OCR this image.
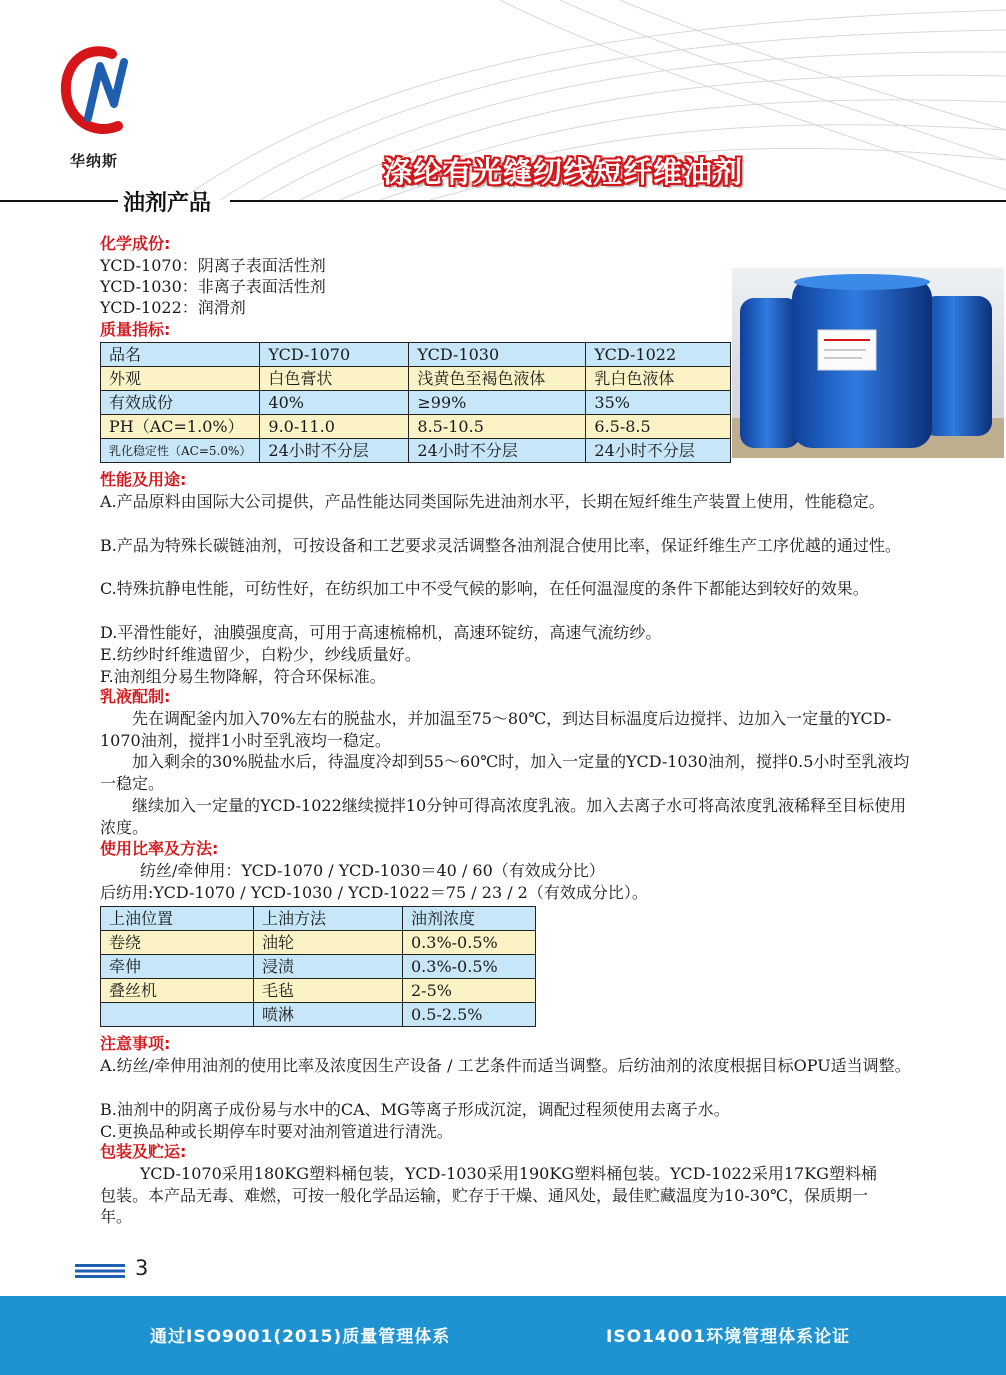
华纳斯	涤纶有光缝纫线短纤维油剂
油剂产品
化学成份:
YCD-1070：阴离子表面活性剂
YCD-1030：非离子表面活性剂
YCD-1022：润滑剂
质量指标:
品名	YCD-1070	YCD-1030	YCD-1022
外观	白色膏状	浅黄色至褐色液体	乳白色液体
有效成份	40%	≥99%	35%
PH（AC=1.0%）	9.0-11.0	8.5-10.5	6.5-8.5
乳化稳定性（AC=5.0%）	24小时不分层	24小时不分层	24小时不分层
性能及用途:
A.产品原料由国际大公司提供，产品性能达同类国际先进油剂水平，长期在短纤维生产装置上使用，性能稳定。
B.产品为特殊长碳链油剂，可按设备和工艺要求灵活调整各油剂混合使用比率，保证纤维生产工序优越的通过性。
C.特殊抗静电性能，可纺性好，在纺织加工中不受气候的影响，在任何温湿度的条件下都能达到较好的效果。
D.平滑性能好，油膜强度高，可用于高速梳棉机，高速环锭纺，高速气流纺纱。
E.纺纱时纤维遗留少，白粉少，纱线质量好。
F.油剂组分易生物降解，符合环保标准。
乳液配制:
先在调配釜内加入70%左右的脱盐水，并加温至75～80℃，到达目标温度后边搅拌、边加入一定量的YCD-1070油剂，搅拌1小时至乳液均一稳定。
加入剩余的30%脱盐水后，待温度冷却到55～60℃时，加入一定量的YCD-1030油剂，搅拌0.5小时至乳液均一稳定。
继续加入一定量的YCD-1022继续搅拌10分钟可得高浓度乳液。加入去离子水可将高浓度乳液稀释至目标使用浓度。
使用比率及方法:
纺丝/牵伸用：YCD-1070 / YCD-1030＝40 / 60（有效成分比）
后纺用:YCD-1070 / YCD-1030 / YCD-1022＝75 / 23 / 2（有效成分比）。
上油位置	上油方法	油剂浓度
卷绕	油轮	0.3%-0.5%
牵伸	浸渍	0.3%-0.5%
叠丝机	毛毡	2-5%
	喷淋	0.5-2.5%
注意事项:
A.纺丝/牵伸用油剂的使用比率及浓度因生产设备 / 工艺条件而适当调整。后纺油剂的浓度根据目标OPU适当调整。
B.油剂中的阴离子成份易与水中的CA、MG等离子形成沉淀，调配过程须使用去离子水。
C.更换品种或长期停车时要对油剂管道进行清洗。
包装及贮运:
YCD-1070采用180KG塑料桶包装，YCD-1030采用190KG塑料桶包装。YCD-1022采用17KG塑料桶包装。本产品无毒、难燃，可按一般化学品运输，贮存于干燥、通风处，最佳贮藏温度为10-30℃，保质期一年。
3
通过ISO9001(2015)质量管理体系	ISO14001环境管理体系论证
